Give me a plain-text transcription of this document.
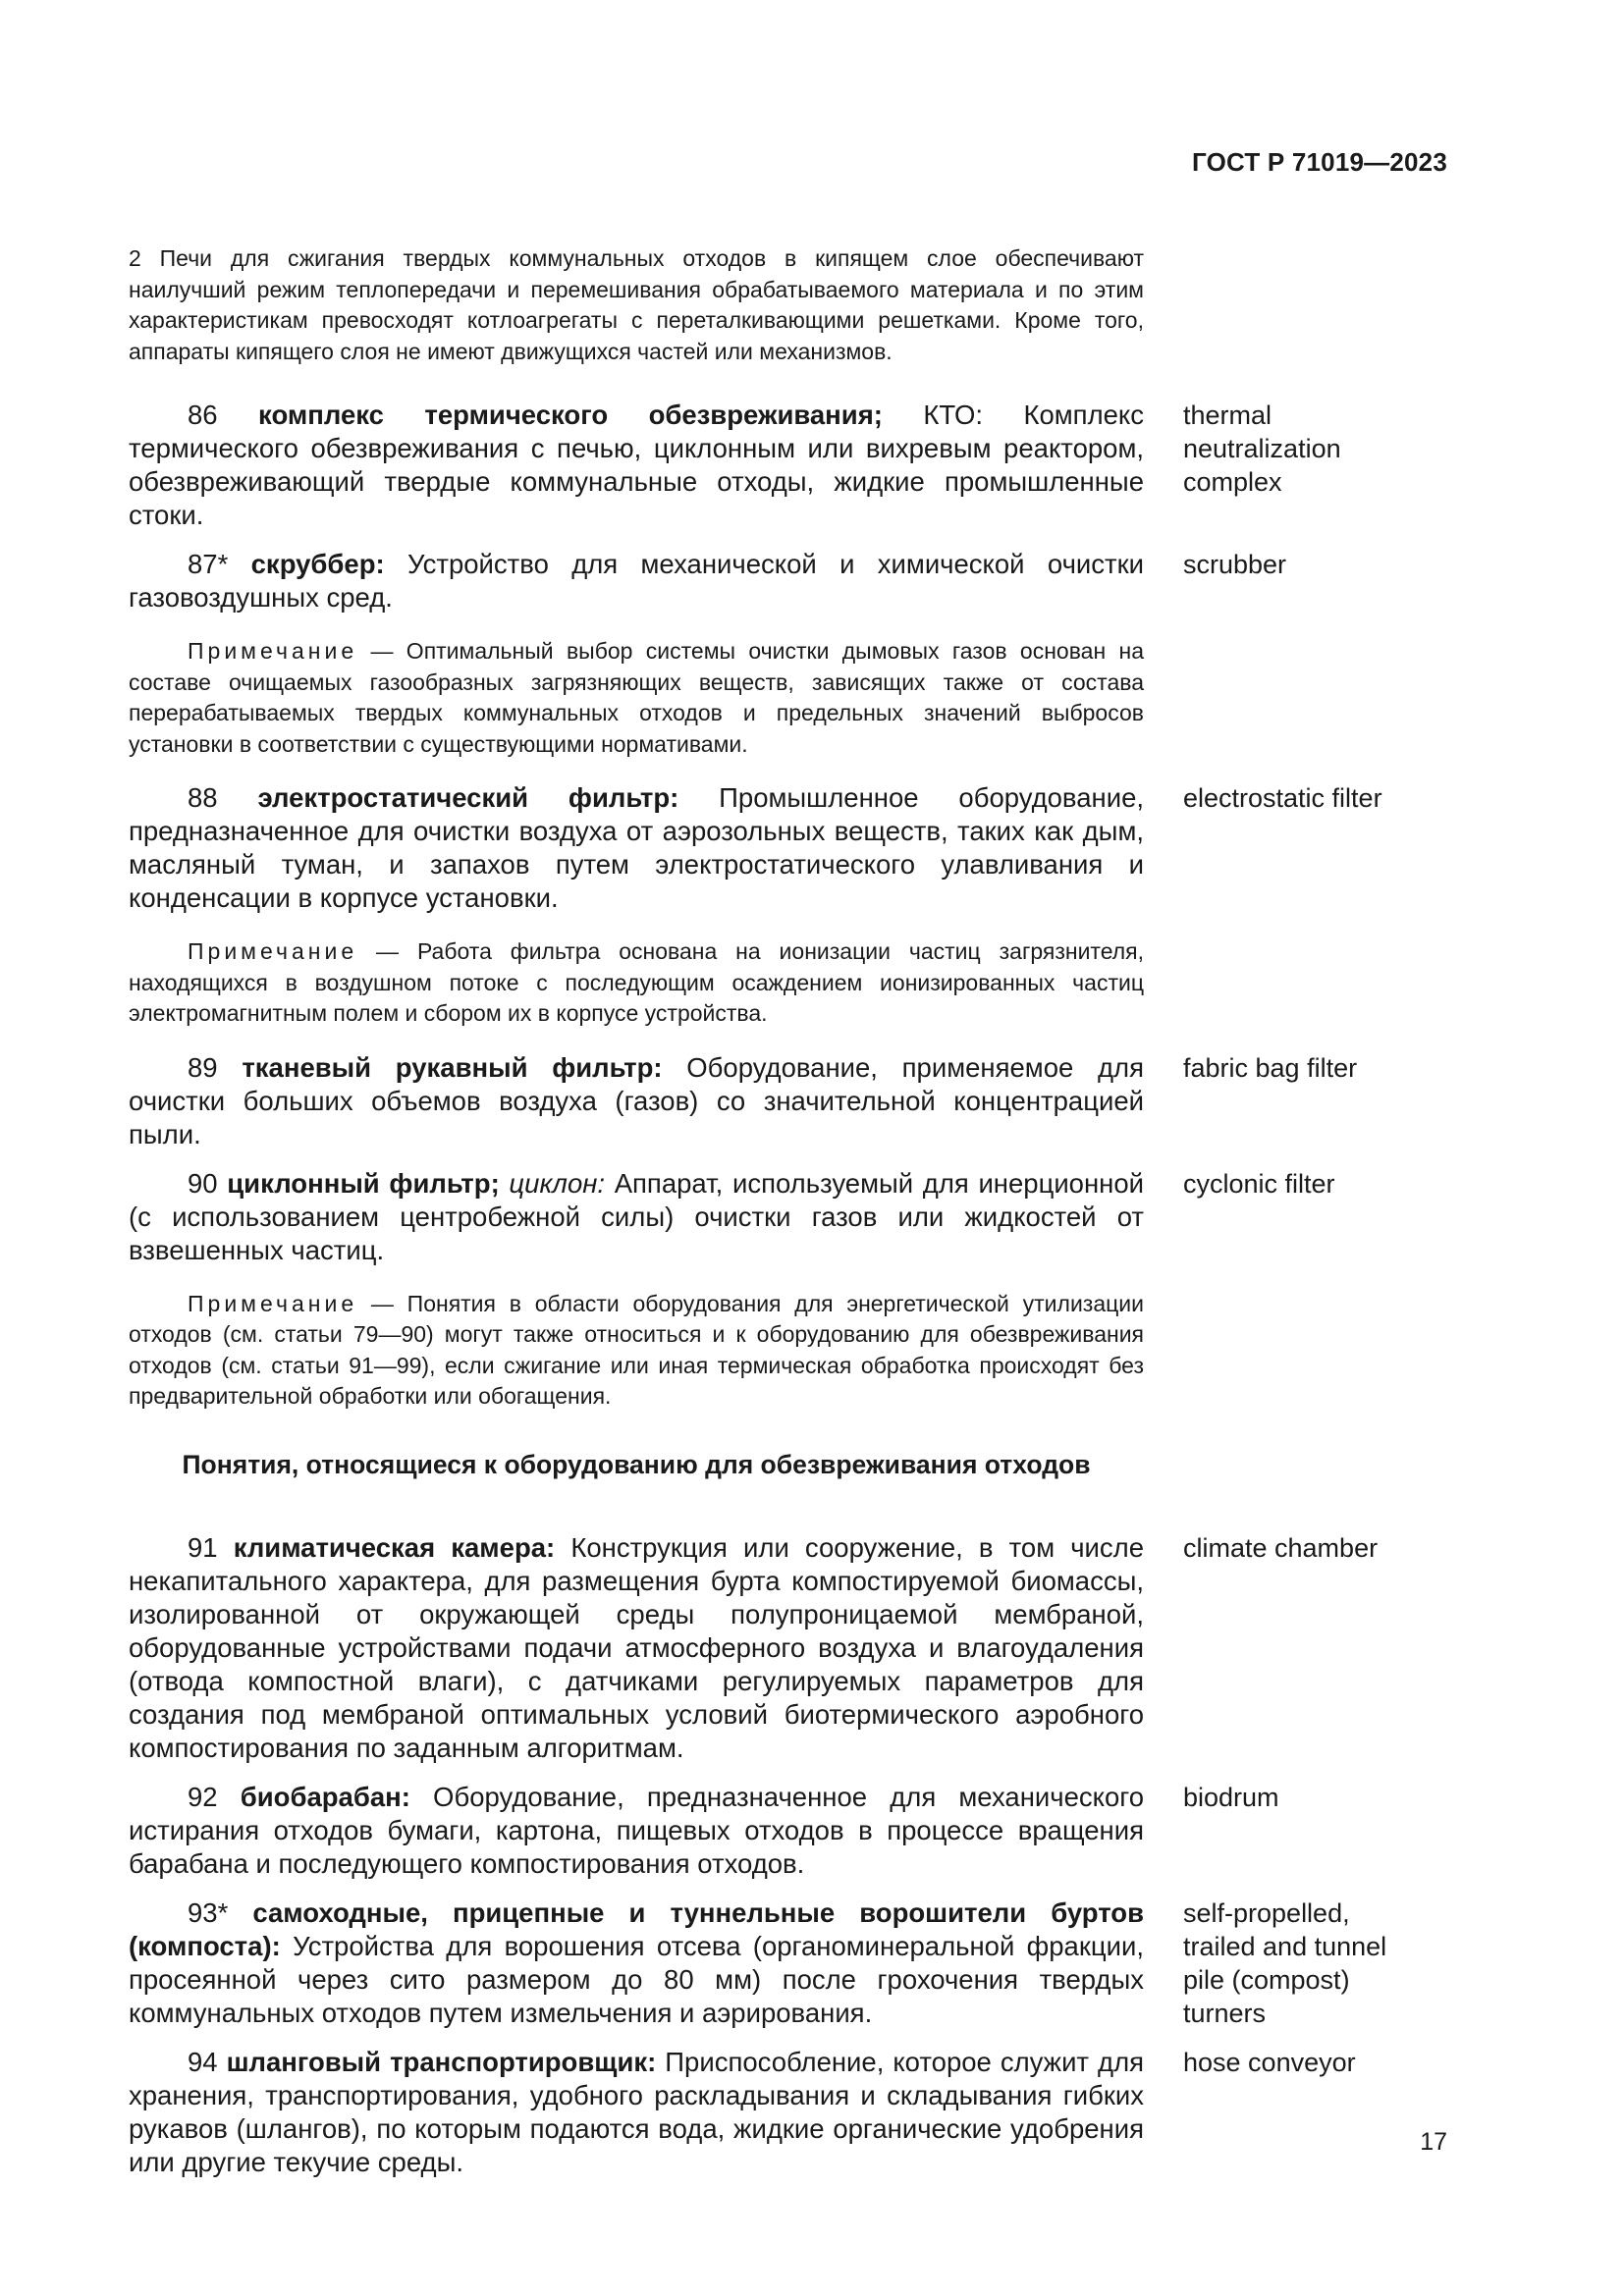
ГОСТ Р 71019—2023
2 Печи для сжигания твердых коммунальных отходов в кипящем слое обеспечивают наилучший режим теплопередачи и перемешивания обрабатываемого материала и по этим характеристикам превосходят котлоагрегаты с переталкивающими решетками. Кроме того, аппараты кипящего слоя не имеют движущихся частей или механизмов.
86 комплекс термического обезвреживания; КТО: Комплекс термического обезвреживания с печью, циклонным или вихревым реактором, обезвреживающий твердые коммунальные отходы, жидкие промышленные стоки.
thermal
neutralization
complex
87* скруббер: Устройство для механической и химической очистки газовоздушных сред.
scrubber
Примечание — Оптимальный выбор системы очистки дымовых газов основан на составе очищаемых газообразных загрязняющих веществ, зависящих также от состава перерабатываемых твердых коммунальных отходов и предельных значений выбросов установки в соответствии с существующими нормативами.
88 электростатический фильтр: Промышленное оборудование, предназначенное для очистки воздуха от аэрозольных веществ, таких как дым, масляный туман, и запахов путем электростатического улавливания и конденсации в корпусе установки.
electrostatic filter
Примечание — Работа фильтра основана на ионизации частиц загрязнителя, находящихся в воздушном потоке с последующим осаждением ионизированных частиц электромагнитным полем и сбором их в корпусе устройства.
89 тканевый рукавный фильтр: Оборудование, применяемое для очистки больших объемов воздуха (газов) со значительной концентрацией пыли.
fabric bag filter
90 циклонный фильтр; циклон: Аппарат, используемый для инерционной (с использованием центробежной силы) очистки газов или жидкостей от взвешенных частиц.
cyclonic filter
Примечание — Понятия в области оборудования для энергетической утилизации отходов (см. статьи 79—90) могут также относиться и к оборудованию для обезвреживания отходов (см. статьи 91—99), если сжигание или иная термическая обработка происходят без предварительной обработки или обогащения.
Понятия, относящиеся к оборудованию для обезвреживания отходов
91 климатическая камера: Конструкция или сооружение, в том числе некапитального характера, для размещения бурта компостируемой биомассы, изолированной от окружающей среды полупроницаемой мембраной, оборудованные устройствами подачи атмосферного воздуха и влагоудаления (отвода компостной влаги), с датчиками регулируемых параметров для создания под мембраной оптимальных условий биотермического аэробного компостирования по заданным алгоритмам.
climate chamber
92 биобарабан: Оборудование, предназначенное для механического истирания отходов бумаги, картона, пищевых отходов в процессе вращения барабана и последующего компостирования отходов.
biodrum
93* самоходные, прицепные и туннельные ворошители буртов (компоста): Устройства для ворошения отсева (органоминеральной фракции, просеянной через сито размером до 80 мм) после грохочения твердых коммунальных отходов путем измельчения и аэрирования.
self-propelled,
trailed and tunnel
pile (compost)
turners
94 шланговый транспортировщик: Приспособление, которое служит для хранения, транспортирования, удобного раскладывания и складывания гибких рукавов (шлангов), по которым подаются вода, жидкие органические удобрения или другие текучие среды.
hose conveyor
17
